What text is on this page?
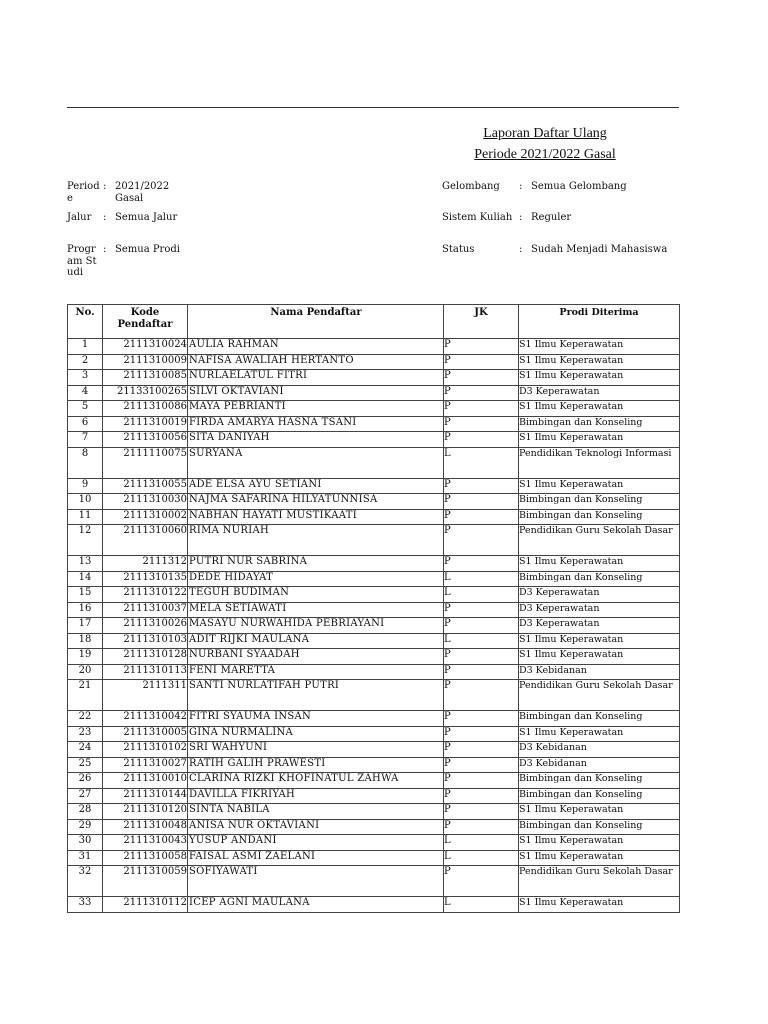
Laporan Daftar Ulang
Periode 2021/2022 Gasal
Periode
: 2021/2022 Gasal
Jalur	: Semua Jalur
Program Studi
: Semua Prodi
Gelombang : Semua Gelombang
Sistem Kuliah : Reguler
Status	: Sudah Menjadi Mahasiswa
No.	Kode Pendaftar	Nama Pendaftar	JK	Prodi Diterima
1	2111310024	AULIA RAHMAN	P	S1 Ilmu Keperawatan
2	2111310009	NAFISA AWALIAH HERTANTO	P	S1 Ilmu Keperawatan
3	2111310085	NURLAELATUL FITRI	P	S1 Ilmu Keperawatan
4	21133100265	SILVI OKTAVIANI	P	D3 Keperawatan
5	2111310086	MAYA PEBRIANTI	P	S1 Ilmu Keperawatan
6	2111310019	FIRDA AMARYA HASNA TSANI	P	Bimbingan dan Konseling
7	2111310056	SITA DANIYAH	P	S1 Ilmu Keperawatan
8	2111110075	SURYANA	L	Pendidikan Teknologi Informasi
9	2111310055	ADE ELSA AYU SETIANI	P	S1 Ilmu Keperawatan
10	2111310030	NAJMA SAFARINA HILYATUNNISA	P	Bimbingan dan Konseling
11	2111310002	NABHAN HAYATI MUSTIKAATI	P	Bimbingan dan Konseling
12	2111310060	RIMA NURIAH	P	Pendidikan Guru Sekolah Dasar
13	2111312	PUTRI NUR SABRINA	P	S1 Ilmu Keperawatan
14	2111310135	DEDE HIDAYAT	L	Bimbingan dan Konseling
15	2111310122	TEGUH BUDIMAN	L	D3 Keperawatan
16	2111310037	MELA SETIAWATI	P	D3 Keperawatan
17	2111310026	MASAYU NURWAHIDA PEBRIAYANI	P	D3 Keperawatan
18	2111310103	ADIT RIJKI MAULANA	L	S1 Ilmu Keperawatan
19	2111310128	NURBANI SYAADAH	P	S1 Ilmu Keperawatan
20	2111310113	FENI MARETTA	P	D3 Kebidanan
21	2111311	SANTI NURLATIFAH PUTRI	P	Pendidikan Guru Sekolah Dasar
22	2111310042	FITRI SYAUMA INSAN	P	Bimbingan dan Konseling
23	2111310005	GINA NURMALINA	P	S1 Ilmu Keperawatan
24	2111310102	SRI WAHYUNI	P	D3 Kebidanan
25	2111310027	RATIH GALIH PRAWESTI	P	D3 Kebidanan
26	2111310010	CLARINA RIZKI KHOFINATUL ZAHWA	P	Bimbingan dan Konseling
27	2111310144	DAVILLA FIKRIYAH	P	Bimbingan dan Konseling
28	2111310120	SINTA NABILA	P	S1 Ilmu Keperawatan
29	2111310048	ANISA NUR OKTAVIANI	P	Bimbingan dan Konseling
30	2111310043	YUSUP ANDANI	L	S1 Ilmu Keperawatan
31	2111310058	FAISAL ASMI ZAELANI	L	S1 Ilmu Keperawatan
32	2111310059	SOFIYAWATI	P	Pendidikan Guru Sekolah Dasar
33	2111310112	ICEP AGNI MAULANA	L	S1 Ilmu Keperawatan
